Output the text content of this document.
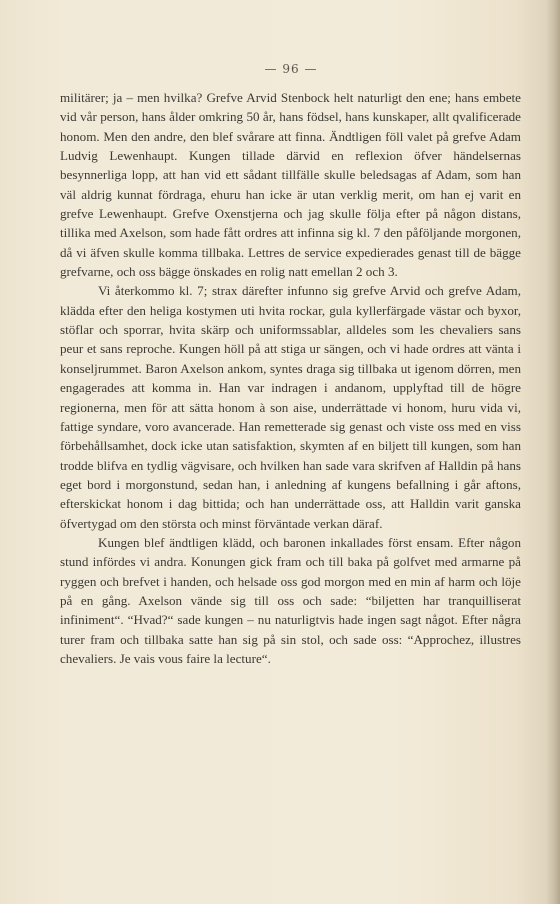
— 96 —

militärer; ja – men hvilka? Grefve Arvid Stenbock helt naturligt den ene; hans embete vid vår person, hans ålder omkring 50 år, hans födsel, hans kunskaper, allt qvalificerade honom. Men den andre, den blef svårare att finna. Ändtligen föll valet på grefve Adam Ludvig Lewenhaupt. Kungen tillade därvid en reflexion öfver händelsernas besynnerliga lopp, att han vid ett sådant tillfälle skulle beledsagas af Adam, som han väl aldrig kunnat fördraga, ehuru han icke är utan verklig merit, om han ej varit en grefve Lewenhaupt. Grefve Oxenstjerna och jag skulle följa efter på någon distans, tillika med Axelson, som hade fått ordres att infinna sig kl. 7 den påföljande morgonen, då vi äfven skulle komma tillbaka. Lettres de service expedierades genast till de bägge grefvarne, och oss bägge önskades en rolig natt emellan 2 och 3.

Vi återkommo kl. 7; strax därefter infunno sig grefve Arvid och grefve Adam, klädda efter den heliga kostymen uti hvita rockar, gula kyllerfärgade västar och byxor, stöflar och sporrar, hvita skärp och uniformssablar, alldeles som les chevaliers sans peur et sans reproche. Kungen höll på att stiga ur sängen, och vi hade ordres att vänta i konseljrummet. Baron Axelson ankom, syntes draga sig tillbaka ut igenom dörren, men engagerades att komma in. Han var indragen i andanom, upplyftad till de högre regionerna, men för att sätta honom à son aise, underrättade vi honom, huru vida vi, fattige syndare, voro avancerade. Han remetterade sig genast och viste oss med en viss förbehållsamhet, dock icke utan satisfaktion, skymten af en biljett till kungen, som han trodde blifva en tydlig vägvisare, och hvilken han sade vara skrifven af Halldin på hans eget bord i morgonstund, sedan han, i anledning af kungens befallning i går aftons, efterskickat honom i dag bittida; och han underrättade oss, att Halldin varit ganska öfvertygad om den största och minst förväntade verkan däraf.

Kungen blef ändtligen klädd, och baronen inkallades först ensam. Efter någon stund infördes vi andra. Konungen gick fram och till baka på golfvet med armarne på ryggen och brefvet i handen, och helsade oss god morgon med en min af harm och löje på en gång. Axelson vände sig till oss och sade: “biljetten har tranquilliserat infiniment“. “Hvad?“ sade kungen – nu naturligtvis hade ingen sagt något. Efter några turer fram och tillbaka satte han sig på sin stol, och sade oss: “Approchez, illustres chevaliers. Je vais vous faire la lecture“.
